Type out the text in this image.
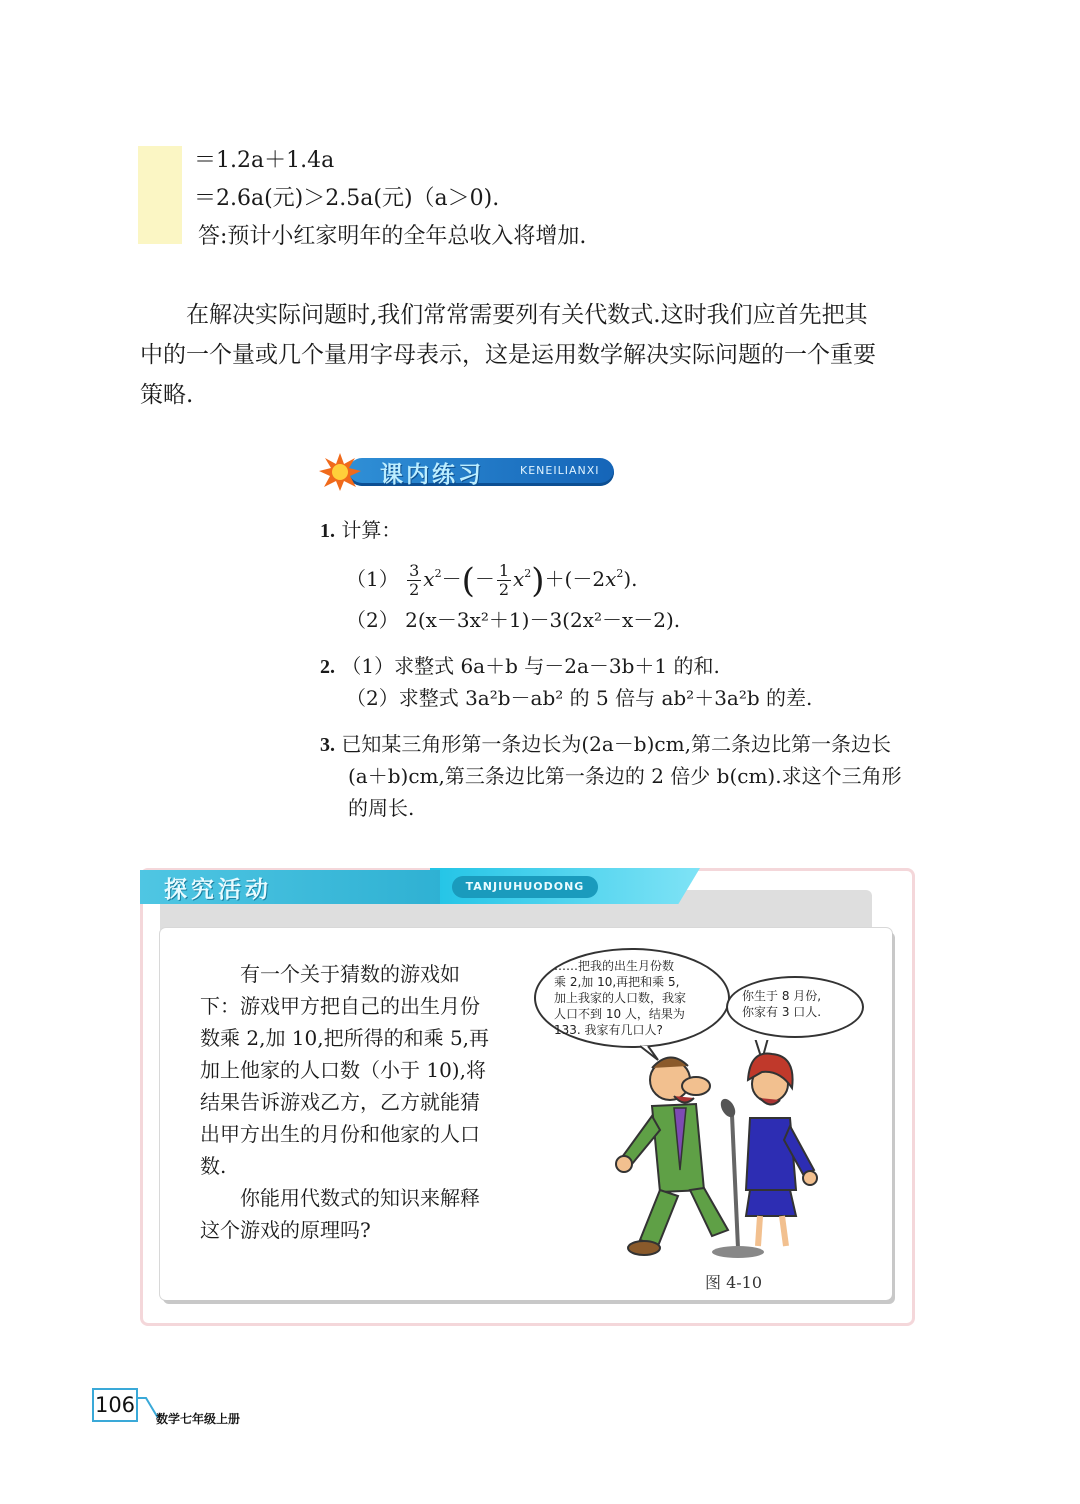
＝1.2a＋1.4a
＝2.6a(元)＞2.5a(元)（a＞0).
答:预计小红家明年的全年总收入将增加.
在解决实际问题时,我们常常需要列有关代数式.这时我们应首先把其
中的一个量或几个量用字母表示，这是运用数学解决实际问题的一个重要
策略.
课内练习	KENEILIANXI
1. 计算：
$(1) \frac{3}{2} x^2-(- \frac{1}{2} x^2)+(-2x^2)$.
（2） 2(x－3x²＋1)－3(2x²－x－2).
2. （1）求整式 6a＋b 与－2a－3b＋1 的和.
（2）求整式 3a²b－ab² 的 5 倍与 ab²＋3a²b 的差.
3. 已知某三角形第一条边长为(2a－b)cm,第二条边比第一条边长
(a＋b)cm,第三条边比第一条边的 2 倍少 b(cm).求这个三角形
的周长.
探究活动	TANJIUHUODONG
　　有一个关于猜数的游戏如
下：游戏甲方把自己的出生月份
数乘 2,加 10,把所得的和乘 5,再
加上他家的人口数（小于 10),将
结果告诉游戏乙方，乙方就能猜
出甲方出生的月份和他家的人口
数.
　　你能用代数式的知识来解释
这个游戏的原理吗?
……把我的出生月份数
乘 2,加 10,再把和乘 5,
加上我家的人口数，我家
人口不到 10 人，结果为
133. 我家有几口人?
你生于 8 月份,
你家有 3 口人.
图 4-10
106
数学七年级上册
